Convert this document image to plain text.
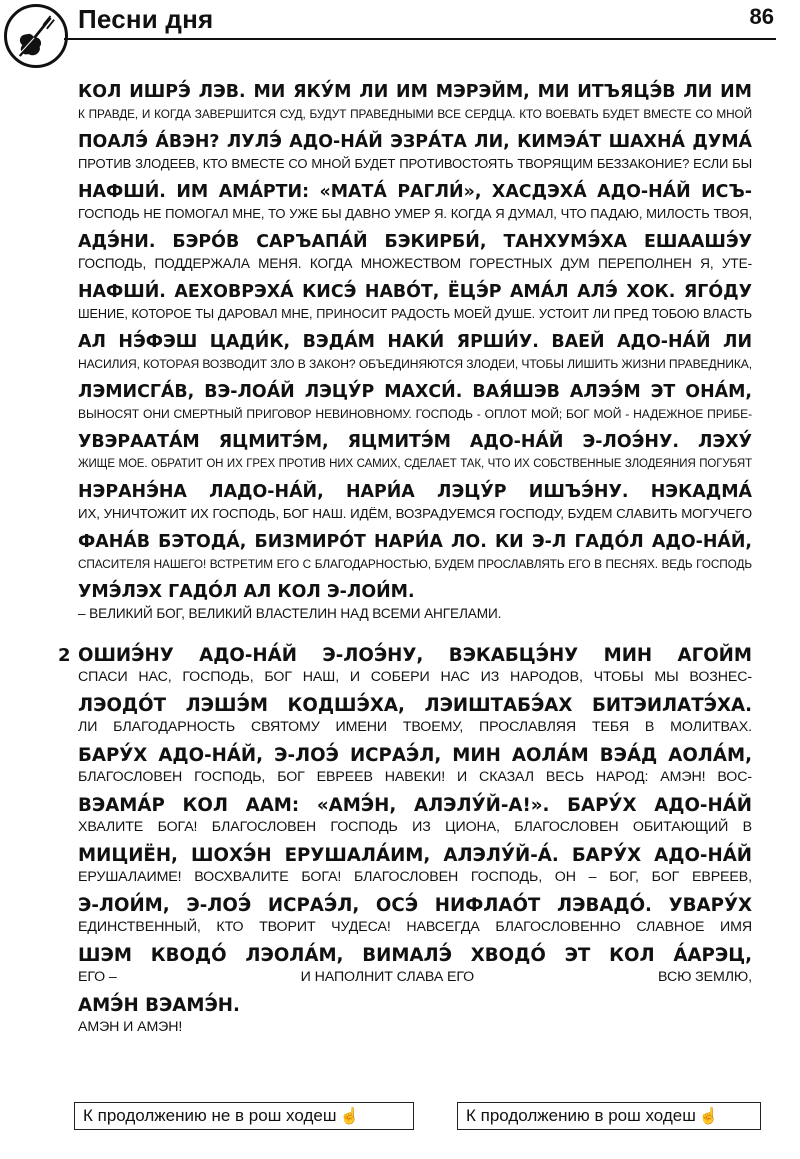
Песни дня	86
КОЛ ИШРЭ́ ЛЭВ. МИ ЯКУ́М ЛИ ИМ МЭРЭЙМ, МИ ИТЪЯЦЭ́В ЛИ ИМ
К ПРАВДЕ, И КОГДА ЗАВЕРШИТСЯ СУД, БУДУТ ПРАВЕДНЫМИ ВСЕ СЕРДЦА. КТО ВОЕВАТЬ БУДЕТ ВМЕСТЕ СО МНОЙ
ПОАЛЭ́ А́ВЭН? ЛУЛЭ́ АДО-НА́Й ЭЗРА́ТА ЛИ, КИМЭА́Т ШАХНА́ ДУМА́
ПРОТИВ ЗЛОДЕЕВ, КТО ВМЕСТЕ СО МНОЙ БУДЕТ ПРОТИВОСТОЯТЬ ТВОРЯЩИМ БЕЗЗАКОНИЕ? ЕСЛИ БЫ
НАФШИ́. ИМ АМА́РТИ: «МАТА́ РАГЛИ́», ХАСДЭХА́ АДО-НА́Й ИСЪ-
ГОСПОДЬ НЕ ПОМОГАЛ МНЕ, ТО УЖЕ БЫ ДАВНО УМЕР Я. КОГДА Я ДУМАЛ, ЧТО ПАДАЮ, МИЛОСТЬ ТВОЯ,
АДЭ́НИ. БЭРО́В САРЪАПА́Й БЭКИРБИ́, ТАНХУМЭ́ХА ЕШААШЭ́У
ГОСПОДЬ, ПОДДЕРЖАЛА МЕНЯ. КОГДА МНОЖЕСТВОМ ГОРЕСТНЫХ ДУМ ПЕРЕПОЛНЕН Я, УТЕ-
НАФШИ́. АЕХОВРЭХА́ КИСЭ́ HАВО́Т, ЁЦЭ́Р АМА́Л АЛЭ́ ХОК. ЯГО́ДУ
ШЕНИЕ, КОТОРОЕ ТЫ ДАРОВАЛ МНЕ, ПРИНОСИТ РАДОСТЬ МОЕЙ ДУШЕ. УСТОИТ ЛИ ПРЕД ТОБОЮ ВЛАСТЬ
АЛ НЭ́ФЭШ ЦАДИ́К, ВЭДА́М НАКИ́ ЯРШИ́У. ВАЕЙ АДО-НА́Й ЛИ
НАСИЛИЯ, КОТОРАЯ ВОЗВОДИТ ЗЛО В ЗАКОН? ОБЪЕДИНЯЮТСЯ ЗЛОДЕИ, ЧТОБЫ ЛИШИТЬ ЖИЗНИ ПРАВЕДНИКА,
ЛЭМИСГА́В, ВЭ-ЛОА́Й ЛЭЦУ́Р МАХСИ́. ВАЯ́ШЭВ АЛЭЭ́М ЭТ ОНА́М,
ВЫНОСЯТ ОНИ СМЕРТНЫЙ ПРИГОВОР НЕВИНОВНОМУ. ГОСПОДЬ - ОПЛОТ МОЙ; БОГ МОЙ - НАДЕЖНОЕ ПРИБЕ-
УВЭРААТА́М ЯЦМИТЭ́М, ЯЦМИТЭ́М АДО-НА́Й Э-ЛОЭ́НУ. ЛЭХУ́
ЖИЩЕ МОЕ. ОБРАТИТ ОН ИХ ГРЕХ ПРОТИВ НИХ САМИХ, СДЕЛАЕТ ТАК, ЧТО ИХ СОБСТВЕННЫЕ ЗЛОДЕЯНИЯ ПОГУБЯТ
НЭРАНЭ́НА ЛАДО-НА́Й, НАРИ́А ЛЭЦУ́Р ИШЪЭ́НУ. НЭКАДМА́
ИХ, УНИЧТОЖИТ ИХ ГОСПОДЬ, БОГ НАШ. ИДЁМ, ВОЗРАДУЕМСЯ ГОСПОДУ, БУДЕМ СЛАВИТЬ МОГУЧЕГО
ФАНА́В БЭТОДА́, БИЗМИРО́Т НАРИ́А ЛО. КИ Э-Л ГАДО́Л АДО-НА́Й,
СПАСИТЕЛЯ НАШЕГО! ВСТРЕТИМ ЕГО С БЛАГОДАРНОСТЬЮ, БУДЕМ ПРОСЛАВЛЯТЬ ЕГО В ПЕСНЯХ. ВЕДЬ ГОСПОДЬ
УМЭ́ЛЭХ ГАДО́Л АЛ КОЛ Э-ЛОИ́М.
– ВЕЛИКИЙ БОГ, ВЕЛИКИЙ ВЛАСТЕЛИН НАД ВСЕМИ АНГЕЛАМИ.
2 ОШИЭ́НУ АДО-НА́Й Э-ЛОЭ́НУ, ВЭКАБЦЭ́НУ МИН АГОЙМ
СПАСИ НАС, ГОСПОДЬ, БОГ НАШ, И СОБЕРИ НАС ИЗ НАРОДОВ, ЧТОБЫ МЫ ВОЗНЕС-
ЛЭОДО́Т ЛЭШЭ́М КОДШЭ́ХА, ЛЭИШТАБЭ́АХ БИТЭИЛАТЭ́ХА.
ЛИ БЛАГОДАРНОСТЬ СВЯТОМУ ИМЕНИ ТВОЕМУ, ПРОСЛАВЛЯЯ ТЕБЯ В МОЛИТВАХ.
БАРУ́Х АДО-НА́Й, Э-ЛОЭ́ ИСРАЭ́Л, МИН АОЛА́М ВЭА́Д АОЛА́М,
БЛАГОСЛОВЕН ГОСПОДЬ, БОГ ЕВРЕЕВ НАВЕКИ! И СКАЗАЛ ВЕСЬ НАРОД: АМЭН! ВОС-
ВЭАМА́Р КОЛ ААМ: «АМЭ́Н, АЛЭЛУ́Й-А!». БАРУ́Х АДО-НА́Й
ХВАЛИТЕ БОГА! БЛАГОСЛОВЕН ГОСПОДЬ ИЗ ЦИОНА, БЛАГОСЛОВЕН ОБИТАЮЩИЙ В
МИЦИЁН, ШОХЭ́Н ЕРУШАЛА́ИМ, АЛЭЛУ́Й-А́. БАРУ́Х АДО-НА́Й
ЕРУШАЛАИМЕ! ВОСХВАЛИТЕ БОГА! БЛАГОСЛОВЕН ГОСПОДЬ, ОН – БОГ, БОГ ЕВРЕЕВ,
Э-ЛОИ́М, Э-ЛОЭ́ ИСРАЭ́Л, ОСЭ́ НИФЛАО́Т ЛЭВАДО́. УВАРУ́Х
ЕДИНСТВЕННЫЙ, КТО ТВОРИТ ЧУДЕСА! НАВСЕГДА БЛАГОСЛОВЕННО СЛАВНОЕ ИМЯ
ШЭМ КВОДО́ ЛЭОЛА́М, ВИМАЛЭ́ ХВОДО́ ЭТ КОЛ А́АРЭЦ,
ЕГО –	И НАПОЛНИТ СЛАВА ЕГО	ВСЮ ЗЕМЛЮ,
АМЭ́Н ВЭАМЭ́Н.
АМЭН И АМЭН!
К продолжению не в рош ходеш ☝	К продолжению в рош ходеш ☝
